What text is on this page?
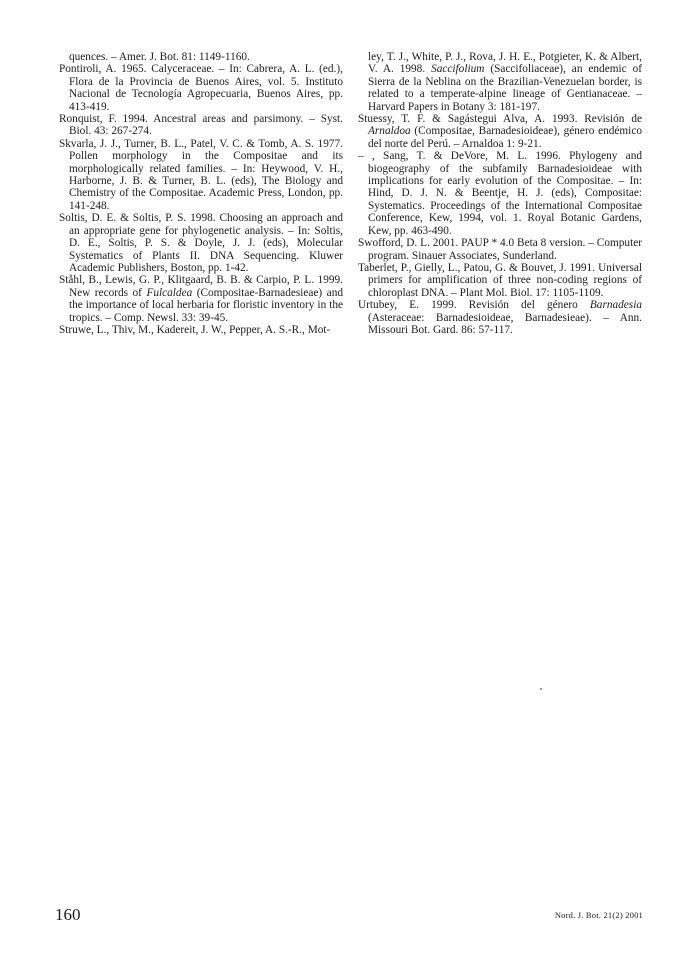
quences. – Amer. J. Bot. 81: 1149-1160.

Pontiroli, A. 1965. Calyceraceae. – In: Cabrera, A. L. (ed.), Flora de la Provincia de Buenos Aires, vol. 5. Instituto Nacional de Tecnología Agropecuaria, Buenos Aires, pp. 413-419.

Ronquist, F. 1994. Ancestral areas and parsimony. – Syst. Biol. 43: 267-274.

Skvarla, J. J., Turner, B. L., Patel, V. C. & Tomb, A. S. 1977. Pollen morphology in the Compositae and its morphologically related families. – In: Heywood, V. H., Harborne, J. B. & Turner, B. L. (eds), The Biology and Chemistry of the Compositae. Academic Press, London, pp. 141-248.

Soltis, D. E. & Soltis, P. S. 1998. Choosing an approach and an appropriate gene for phylogenetic analysis. – In: Soltis, D. E., Soltis, P. S. & Doyle, J. J. (eds), Molecular Systematics of Plants II. DNA Sequencing. Kluwer Academic Publishers, Boston, pp. 1-42.

Ståhl, B., Lewis, G. P., Klitgaard, B. B. & Carpio, P. L. 1999. New records of Fulcaldea (Compositae-Barnadesieae) and the importance of local herbaria for floristic inventory in the tropics. – Comp. Newsl. 33: 39-45.

Struwe, L., Thiv, M., Kadereit, J. W., Pepper, A. S.-R., Mot-

ley, T. J., White, P. J., Rova, J. H. E., Potgieter, K. & Albert, V. A. 1998. Saccifolium (Saccifoliaceae), an endemic of Sierra de la Neblina on the Brazilian-Venezuelan border, is related to a temperate-alpine lineage of Gentianaceae. – Harvard Papers in Botany 3: 181-197.

Stuessy, T. F. & Sagástegui Alva, A. 1993. Revisión de Arnaldoa (Compositae, Barnadesioideae), género endémico del norte del Perú. – Arnaldoa 1: 9-21.

– , Sang, T. & DeVore, M. L. 1996. Phylogeny and biogeography of the subfamily Barnadesioideae with implications for early evolution of the Compositae. – In: Hind, D. J. N. & Beentje, H. J. (eds), Compositae: Systematics. Proceedings of the International Compositae Conference, Kew, 1994, vol. 1. Royal Botanic Gardens, Kew, pp. 463-490.

Swofford, D. L. 2001. PAUP * 4.0 Beta 8 version. – Computer program. Sinauer Associates, Sunderland.

Taberlet, P., Gielly, L., Patou, G. & Bouvet, J. 1991. Universal primers for amplification of three non-coding regions of chloroplast DNA. – Plant Mol. Biol. 17: 1105-1109.

Urtubey, E. 1999. Revisión del género Barnadesia (Asteraceae: Barnadesioideae, Barnadesieae). – Ann. Missouri Bot. Gard. 86: 57-117.

160	Nord. J. Bot. 21(2) 2001
